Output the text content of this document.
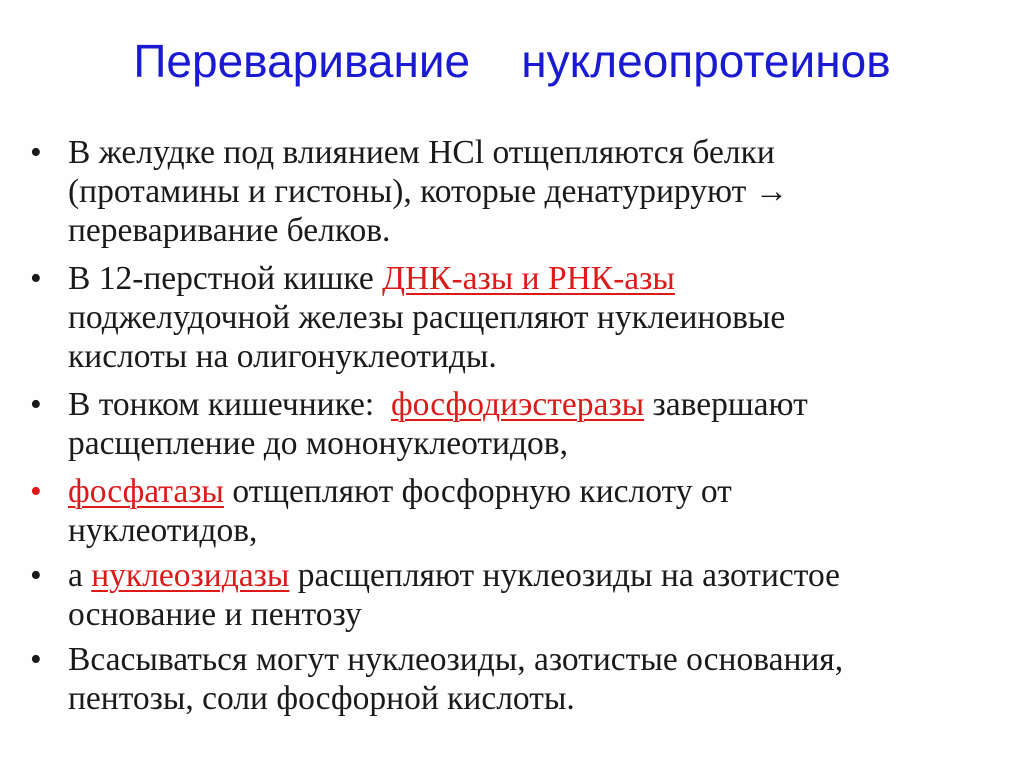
Переваривание    нуклеопротеинов
• В желудке под влиянием HCl отщепляются белки
(протамины и гистоны), которые денатурируют →
переваривание белков.
• В 12-перстной кишке ДНК-азы и РНК-азы
поджелудочной железы расщепляют нуклеиновые
кислоты на олигонуклеотиды.
• В тонком кишечнике:  фосфодиэстеразы завершают
расщепление до мононуклеотидов,
• фосфатазы отщепляют фосфорную кислоту от
нуклеотидов,
• а нуклеозидазы расщепляют нуклеозиды на азотистое
основание и пентозу
• Всасываться могут нуклеозиды, азотистые основания,
пентозы, соли фосфорной кислоты.
